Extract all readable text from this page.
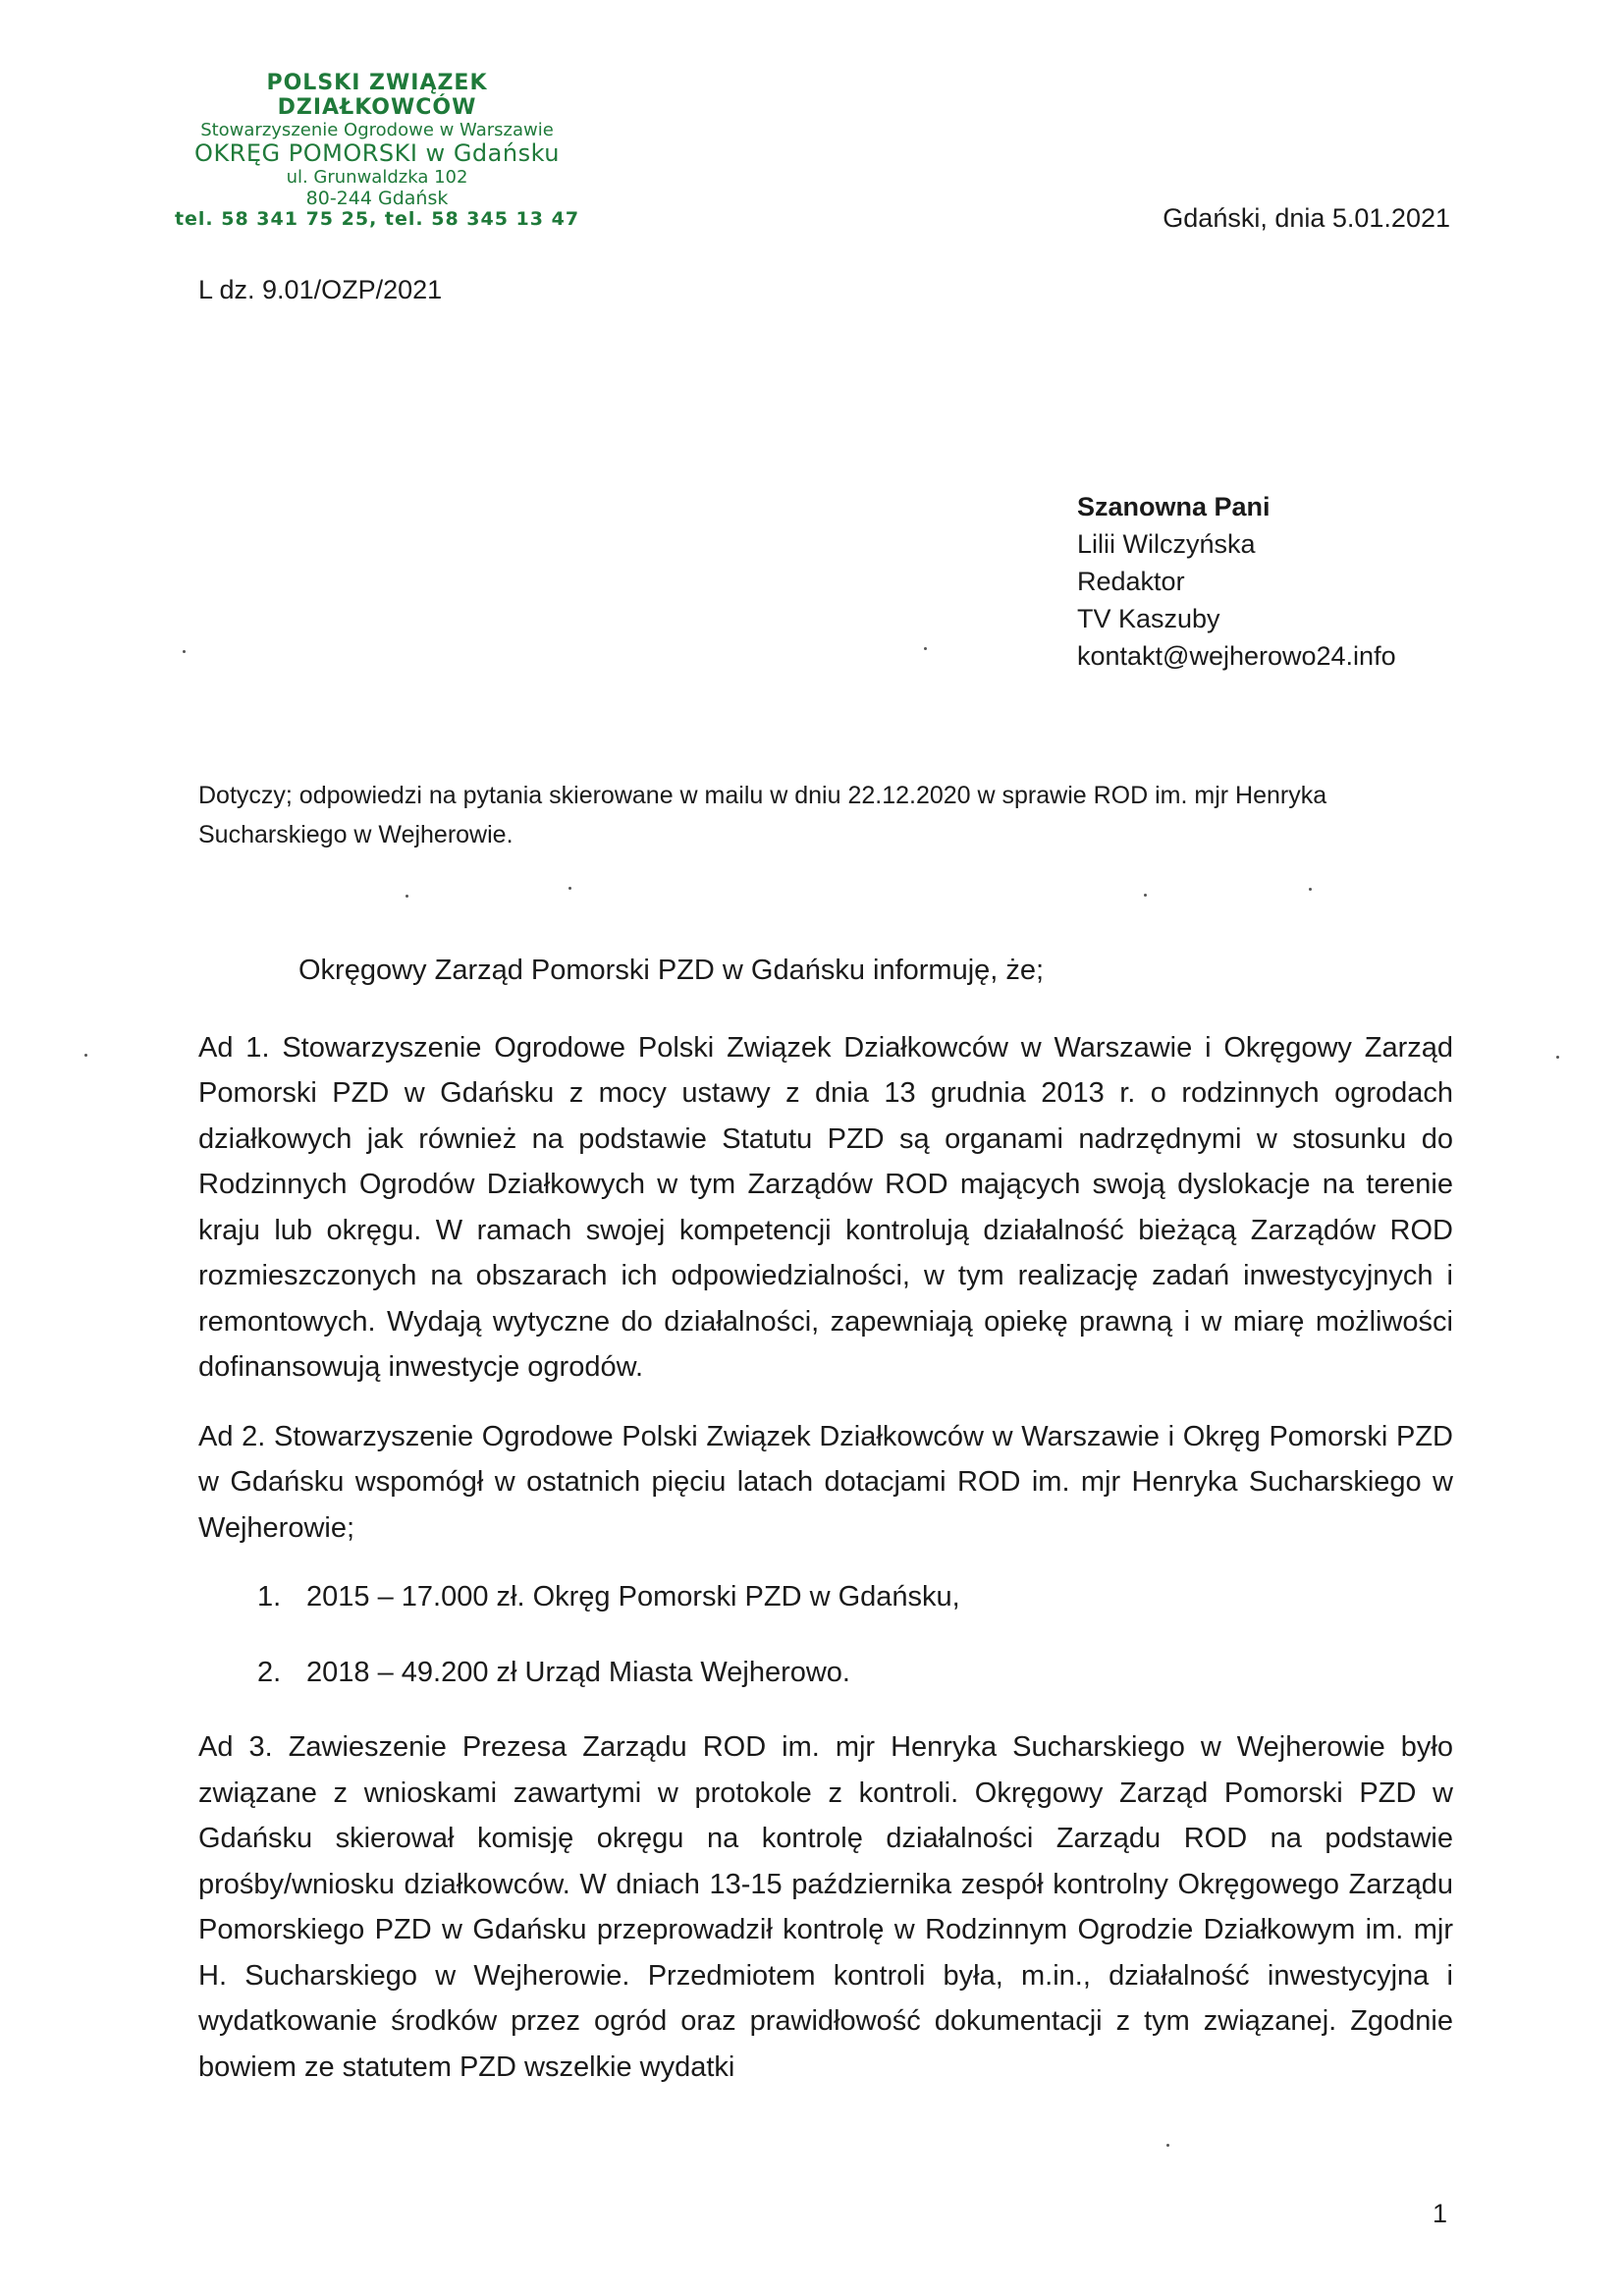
POLSKI ZWIĄZEK DZIAŁKOWCÓW
Stowarzyszenie Ogrodowe w Warszawie
OKRĘG POMORSKI w Gdańsku
ul. Grunwaldzka 102
80-244 Gdańsk
tel. 58 341 75 25, tel. 58 345 13 47	Gdański, dnia 5.01.2021
L dz. 9.01/OZP/2021
Szanowna Pani
Lilii Wilczyńska
Redaktor
TV Kaszuby
kontakt@wejherowo24.info
Dotyczy; odpowiedzi na pytania skierowane w mailu w dniu 22.12.2020 w sprawie ROD im. mjr Henryka Sucharskiego w Wejherowie.

Okręgowy Zarząd Pomorski PZD w Gdańsku informuję, że;

Ad 1. Stowarzyszenie Ogrodowe Polski Związek Działkowców w Warszawie i Okręgowy Zarząd Pomorski PZD w Gdańsku z mocy ustawy z dnia 13 grudnia 2013 r. o rodzinnych ogrodach działkowych jak również na podstawie Statutu PZD są organami nadrzędnymi w stosunku do Rodzinnych Ogrodów Działkowych w tym Zarządów ROD mających swoją dyslokacje na terenie kraju lub okręgu. W ramach swojej kompetencji kontrolują działalność bieżącą Zarządów ROD rozmieszczonych na obszarach ich odpowiedzialności, w tym realizację zadań inwestycyjnych i remontowych. Wydają wytyczne do działalności, zapewniają opiekę prawną i w miarę możliwości dofinansowują inwestycje ogrodów.

Ad 2. Stowarzyszenie Ogrodowe Polski Związek Działkowców w Warszawie i Okręg Pomorski PZD w Gdańsku wspomógł w ostatnich pięciu latach dotacjami ROD im. mjr Henryka Sucharskiego w Wejherowie;

1. 2015 – 17.000 zł. Okręg Pomorski PZD w Gdańsku,
2. 2018 – 49.200 zł Urząd Miasta Wejherowo.

Ad 3. Zawieszenie Prezesa Zarządu ROD im. mjr Henryka Sucharskiego w Wejherowie było związane z wnioskami zawartymi w protokole z kontroli. Okręgowy Zarząd Pomorski PZD w Gdańsku skierował komisję okręgu na kontrolę działalności Zarządu ROD na podstawie prośby/wniosku działkowców. W dniach 13-15 października zespół kontrolny Okręgowego Zarządu Pomorskiego PZD w Gdańsku przeprowadził kontrolę w Rodzinnym Ogrodzie Działkowym im. mjr H. Sucharskiego w Wejherowie. Przedmiotem kontroli była, m.in., działalność inwestycyjna i wydatkowanie środków przez ogród oraz prawidłowość dokumentacji z tym związanej. Zgodnie bowiem ze statutem PZD wszelkie wydatki

1
